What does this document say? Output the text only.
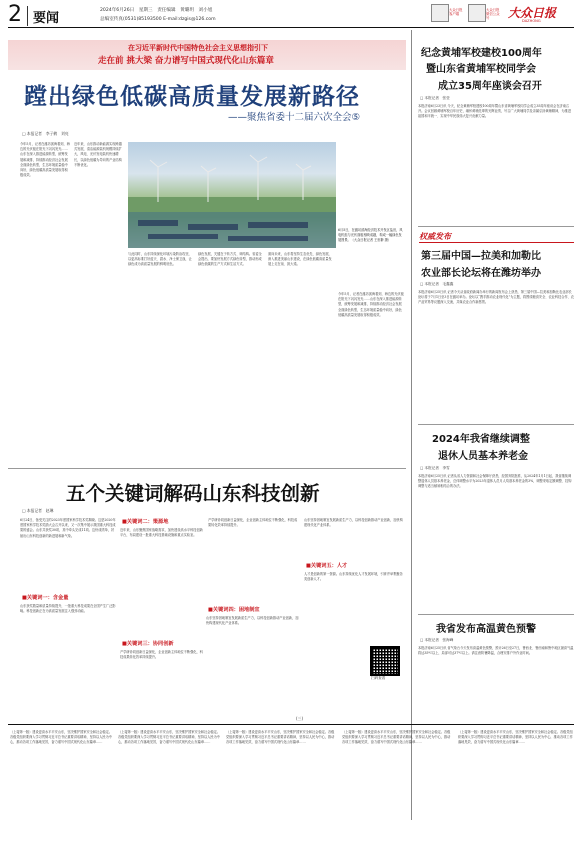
2 要闻
2024年6月26日　星期三　责任编辑　黄璐玥　刘小旭
总编室传真(0531)85193500 E-mail:dzgis@126.com
大众日报 客户端
大众日报 微信公众号	大众日报
DAZHONG
在习近平新时代中国特色社会主义思想指引下
走在前 挑大梁 奋力谱写中国式现代化山东篇章
蹚出绿色低碳高质量发展新路径
——聚焦省委十二届六次全会⑤
□ 本报记者　李子鹤　刘亮
今年5月，记者在潍坊滨海看到，海边的光伏板在阳光下闪闪发光……山东在深入推进能源转型，统筹发展和减排，持续推动经济社会发展全面绿色转型，生态环境质量稳中向好，绿色低碳高质量发展取得积极成效。
近年来，山东推动新能源实现跨越式发展，清洁能源装机规模持续扩大，风电、光伏发电装机快速增长，以绿色低碳为导向的产业结构不断优化。
6月5日，在潍坊滨海经济技术开发区盐田，风电机组与光伏面板相映成趣，构成一幅绿色发展图景。（大众日报记者 王世翀 摄）
与此同时，山东持续深化环境污染防治攻坚，以更高标准打好蓝天、碧水、净土保卫战，让绿色成为高质量发展的鲜明底色。
绿色发展，关键在于转方式、调结构。省委全会提出，要加快发展方式绿色转型，推动形成绿色低碳的生产方式和生活方式。
面向未来，山东将坚持生态优先、绿色发展，深入推进美丽山东建设，在绿色低碳高质量发展上走在前、挑大梁。
今年5月，记者在潍坊滨海看到，海边的光伏板在阳光下闪闪发光……山东在深入推进能源转型，统筹发展和减排，持续推动经济社会发展全面绿色转型，生态环境质量稳中向好，绿色低碳高质量发展取得积极成效。
五个关键词解码山东科技创新
□ 本报记者　赵琳
6月24日，备受关注的2023年度国家科学技术奖揭晓。这是2020年度国家科学技术奖励大会召开以来，又一次集中展示我国重大科技成果的盛会。山东共获奖30项，其中牵头完成11项。这份成绩单，折射出山东科技创新的新进展和新气象。
■关键词一：含金量
山东获奖数量和质量持续提升，一批重大科技成果在全国产生广泛影响。科技创新正在为高质量发展注入强劲动能。
■关键词二：策源地
近年来，山东聚焦国家战略需求，加快建设高水平科技创新平台，布局建设一批重大科技基础设施和重点实验室。
■关键词三：协同创新
产学研协同创新日益深化，企业创新主体地位不断强化，科技成果转化效率持续提升。
产学研协同创新日益深化，企业创新主体地位不断强化，科技成果转化效率持续提升。
■关键词四：困地制宜
山东坚持因地制宜发展新质生产力，以科技创新推动产业创新，加快构建现代化产业体系。
山东坚持因地制宜发展新质生产力，以科技创新推动产业创新，加快构建现代化产业体系。
■关键词五：人才
人才是创新的第一资源。山东持续优化人才发展环境，引育并举集聚各类创新人才。
扫码查看
(三)
纪念黄埔军校建校100周年
暨山东省黄埔军校同学会
成立35周年座谈会召开
□ 本报记者　张莹
本报济南6月23日讯 今天，纪念黄埔军校建校100周年暨山东省黄埔军校同学会成立35周年座谈会在济南召开。会议回顾黄埔军校百年历史，缅怀黄埔先辈的光辉业绩，号召广大黄埔同学及亲属弘扬黄埔精神，为推进祖国和平统一、实现中华民族伟大复兴贡献力量。
权威发布
第三届中国—拉美和加勒比
农业部长论坛将在潍坊举办
□ 本报记者　毛鑫鑫
本报济南6月25日讯 记者今天从省政府新闻办举行的新闻发布会上获悉，第三届中国—拉美和加勒比农业部长论坛将于7月1日至3日在潍坊举办。论坛以“携手推动农业现代化”为主题，将围绕粮食安全、农业科技合作、农产品贸易等议题深入交流，共谋农业合作新愿景。
2024年我省继续调整
退休人员基本养老金
□ 本报记者　李雪
本报济南6月25日讯 记者从省人力资源和社会保障厅获悉，经国务院批准，从2024年1月1日起，我省继续调整退休人员基本养老金，总体调整水平为2023年退休人员月人均基本养老金的3%，调整采取定额调整、挂钩调整与适当倾斜相结合的办法。
我省发布高温黄色预警
□ 本报记者　张海峰
本报济南6月25日讯 省气象台今天发布高温黄色预警，预计26日至27日，鲁西北、鲁西南和鲁中地区最高气温将达35℃以上，局部可达37℃以上。请注意防暑降温，合理安排户外作业时间。
（上接第一版）建设更高水平平安山东，坚决维护国家安全和社会稳定。各级党组织要深入学习贯彻习近平总书记重要讲话精神，坚持以人民为中心，推动各项工作落地见效，奋力谱写中国式现代化山东篇章……
（上接第一版）建设更高水平平安山东，坚决维护国家安全和社会稳定。各级党组织要深入学习贯彻习近平总书记重要讲话精神，坚持以人民为中心，推动各项工作落地见效，奋力谱写中国式现代化山东篇章……
（上接第一版）建设更高水平平安山东，坚决维护国家安全和社会稳定。各级党组织要深入学习贯彻习近平总书记重要讲话精神，坚持以人民为中心，推动各项工作落地见效，奋力谱写中国式现代化山东篇章……
（上接第一版）建设更高水平平安山东，坚决维护国家安全和社会稳定。各级党组织要深入学习贯彻习近平总书记重要讲话精神，坚持以人民为中心，推动各项工作落地见效，奋力谱写中国式现代化山东篇章……
（上接第一版）建设更高水平平安山东，坚决维护国家安全和社会稳定。各级党组织要深入学习贯彻习近平总书记重要讲话精神，坚持以人民为中心，推动各项工作落地见效，奋力谱写中国式现代化山东篇章……
